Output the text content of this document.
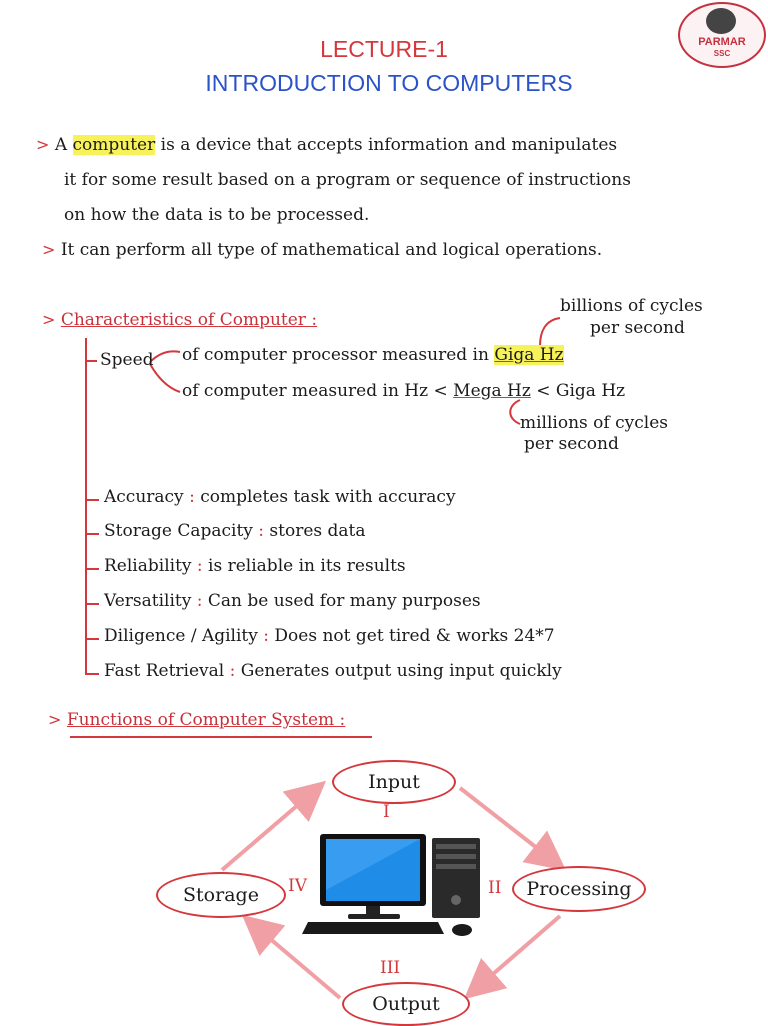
PARMAR
SSC
LECTURE-1
INTRODUCTION TO COMPUTERS
> A computer is a device that accepts information and manipulates
it for some result based on a program or sequence of instructions
on how the data is to be processed.
> It can perform all type of mathematical and logical operations.
> Characteristics of Computer :
Speed of computer processor measured in Giga Hz
of computer measured in Hz < Mega Hz < Giga Hz
billions of cycles
per second
millions of cycles
per second
Accuracy : completes task with accuracy
Storage Capacity : stores data
Reliability : is reliable in its results
Versatility : Can be used for many purposes
Diligence / Agility : Does not get tired & works 24*7
Fast Retrieval : Generates output using input quickly
> Functions of Computer System :
Input
Processing
Output
Storage
I
II
III
IV
